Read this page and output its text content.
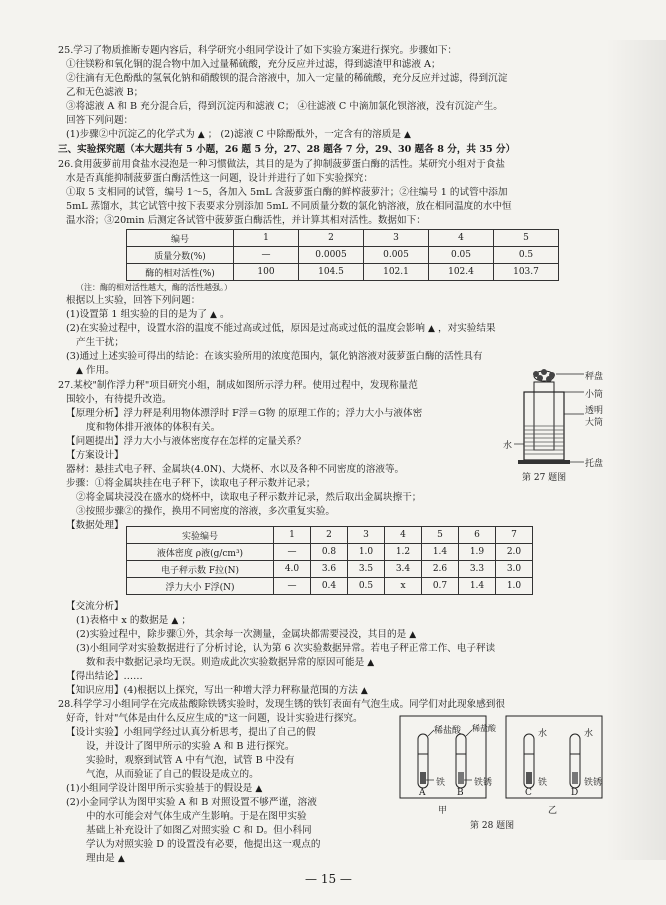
25.学习了物质推断专题内容后，科学研究小组同学设计了如下实验方案进行探究。步骤如下：
①往镁粉和氧化铜的混合物中加入过量稀硫酸，充分反应并过滤，得到滤渣甲和滤液 A；
②往滴有无色酚酞的氢氧化钠和硝酸钡的混合溶液中，加入一定量的稀硫酸，充分反应并过滤，得到沉淀
乙和无色滤液 B；
③将滤液 A 和 B 充分混合后，得到沉淀丙和滤液 C； ④往滤液 C 中滴加氯化钡溶液，没有沉淀产生。
回答下列问题：
(1)步骤②中沉淀乙的化学式为 ▲ ； (2)滤液 C 中除酚酞外，一定含有的溶质是 ▲
三、实验探究题（本大题共有 5 小题，26 题 5 分，27、28 题各 7 分，29、30 题各 8 分，共 35 分）
26.食用菠萝前用食盐水浸泡是一种习惯做法，其目的是为了抑制菠萝蛋白酶的活性。某研究小组对于食盐
水是否真能抑制菠萝蛋白酶活性这一问题，设计并进行了如下实验探究：
①取 5 支相同的试管，编号 1～5，各加入 5mL 含菠萝蛋白酶的鲜榨菠萝汁；②往编号 1 的试管中添加
5mL 蒸馏水，其它试管中按下表要求分别添加 5mL 不同质量分数的氯化钠溶液，放在相同温度的水中恒
温水浴；③20min 后测定各试管中菠萝蛋白酶活性，并计算其相对活性。数据如下：
编号	1	2	3	4	5
质量分数(%)	—	0.0005	0.005	0.05	0.5
酶的相对活性(%)	100	104.5	102.1	102.4	103.7
（注：酶的相对活性越大，酶的活性越强。）
根据以上实验，回答下列问题：
(1)设置第 1 组实验的目的是为了 ▲ 。
(2)在实验过程中，设置水浴的温度不能过高或过低，原因是过高或过低的温度会影响 ▲ ，对实验结果
产生干扰；
(3)通过上述实验可得出的结论：在该实验所用的浓度范围内，氯化钠溶液对菠萝蛋白酶的活性具有
▲ 作用。
27.某校"制作浮力秤"项目研究小组，制成如图所示浮力秤。使用过程中，发现称量范
围较小，有待提升改造。
【原理分析】浮力秤是利用物体漂浮时 F浮＝G物 的原理工作的；浮力大小与液体密
度和物体排开液体的体积有关。
【问题提出】浮力大小与液体密度存在怎样的定量关系？
【方案设计】
器材：悬挂式电子秤、金属块(4.0N)、大烧杯、水以及各种不同密度的溶液等。
步骤：①将金属块挂在电子秤下，读取电子秤示数并记录；
②将金属块浸没在盛水的烧杯中，读取电子秤示数并记录，然后取出金属块擦干；
③按照步骤②的操作，换用不同密度的溶液，多次重复实验。
【数据处理】
秤盘
小筒
透明
大筒
水
托盘
第 27 题图
实验编号	1	2	3	4	5	6	7
液体密度 ρ液(g/cm³)	—	0.8	1.0	1.2	1.4	1.9	2.0
电子秤示数 F拉(N)	4.0	3.6	3.5	3.4	2.6	3.3	3.0
浮力大小 F浮(N)	—	0.4	0.5	x	0.7	1.4	1.0
【交流分析】
(1)表格中 x 的数据是 ▲ ；
(2)实验过程中，除步骤①外，其余每一次测量，金属块都需要浸没，其目的是 ▲
(3)小组同学对实验数据进行了分析讨论，认为第 6 次实验数据异常。若电子秤正常工作、电子秤读
数和表中数据记录均无误。则造成此次实验数据异常的原因可能是 ▲
【得出结论】……
【知识应用】(4)根据以上探究，写出一种增大浮力秤称量范围的方法 ▲
28.科学学习小组同学在完成盐酸除铁锈实验时，发现生锈的铁钉表面有气泡生成。同学们对此现象感到很
好奇，针对"气体是由什么反应生成的"这一问题，设计实验进行探究。
【设计实验】小组同学经过认真分析思考，提出了自己的假
设，并设计了图甲所示的实验 A 和 B 进行探究。
实验时，观察到试管 A 中有气泡，试管 B 中没有
气泡，从而验证了自己的假设是成立的。
(1)小组同学设计图甲所示实验基于的假设是 ▲
(2)小金同学认为图甲实验 A 和 B 对照设置不够严谨，溶液
中的水可能会对气体生成产生影响。于是在图甲实验
基础上补充设计了如图乙对照实验 C 和 D。但小科同
学认为对照实验 D 的设置没有必要，他提出这一观点的
理由是 ▲
稀盐酸 稀盐酸
铁	铁锈
水	水
铁	铁锈
A	B	C	D
甲	乙
第 28 题图
— 15 —
